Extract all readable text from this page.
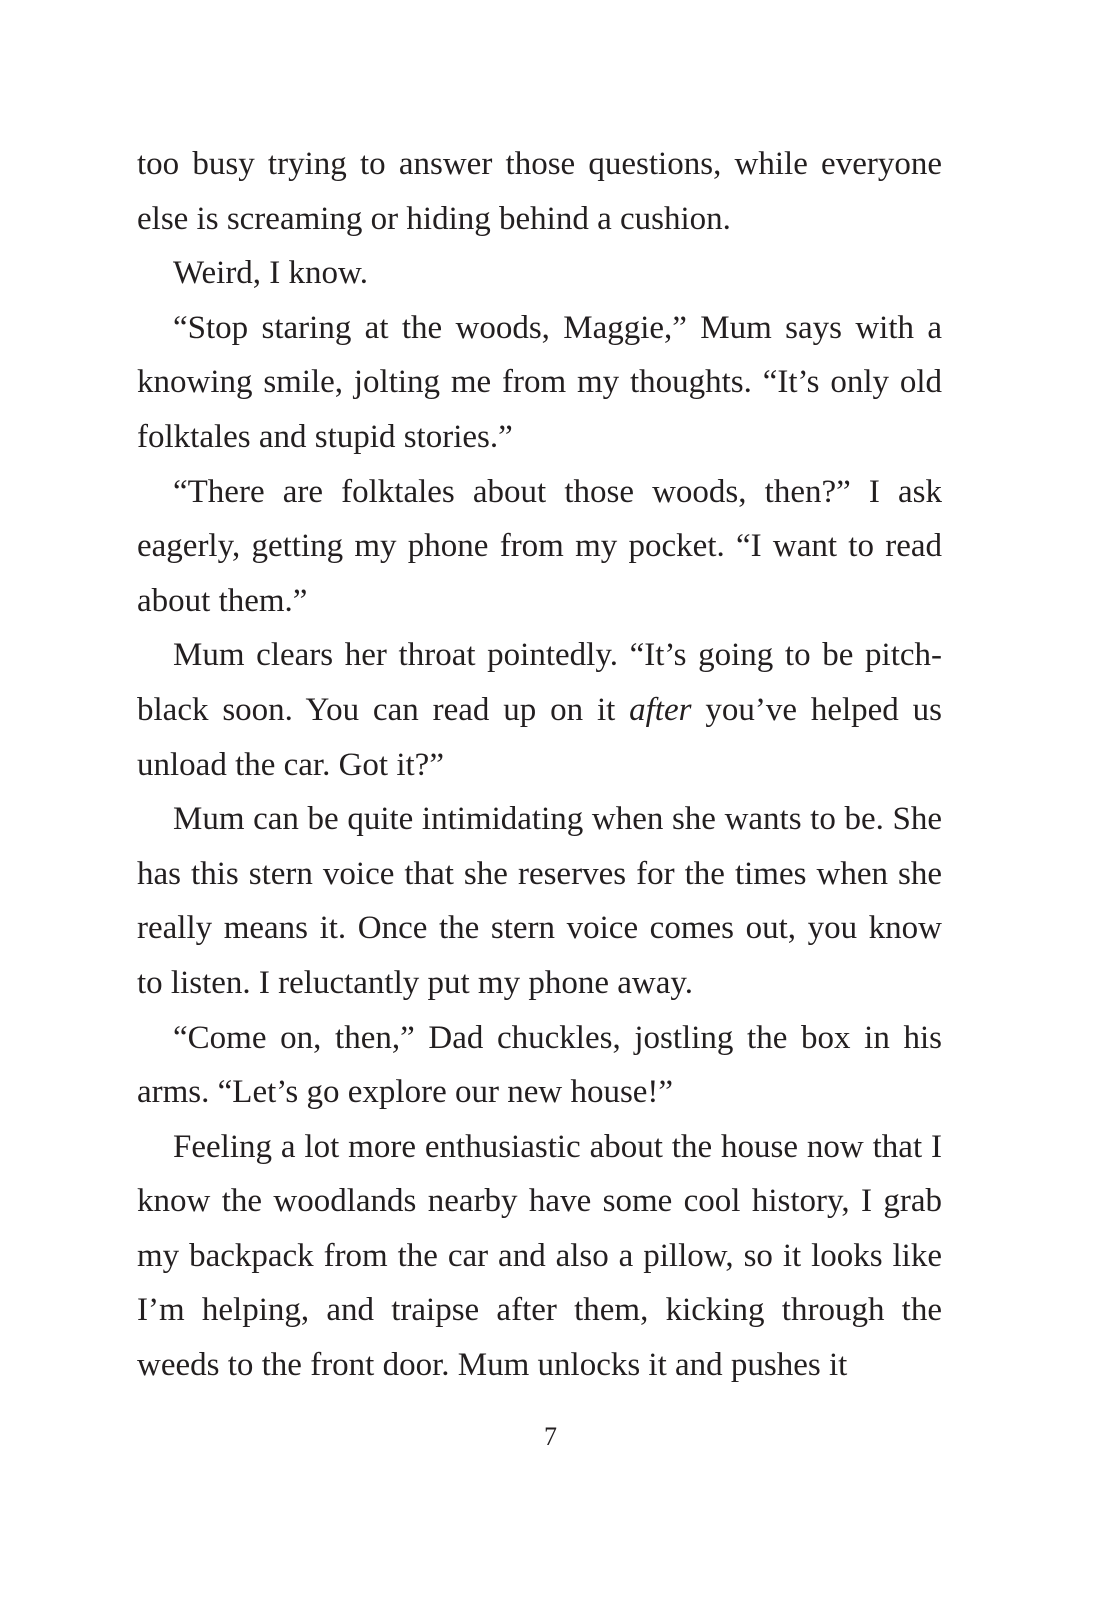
too busy trying to answer those questions, while everyone else is screaming or hiding behind a cushion.

Weird, I know.

“Stop staring at the woods, Maggie,” Mum says with a knowing smile, jolting me from my thoughts. “It’s only old folktales and stupid stories.”

“There are folktales about those woods, then?” I ask eagerly, getting my phone from my pocket. “I want to read about them.”

Mum clears her throat pointedly. “It’s going to be pitch-black soon. You can read up on it after you’ve helped us unload the car. Got it?”

Mum can be quite intimidating when she wants to be. She has this stern voice that she reserves for the times when she really means it. Once the stern voice comes out, you know to listen. I reluctantly put my phone away.

“Come on, then,” Dad chuckles, jostling the box in his arms. “Let’s go explore our new house!”

Feeling a lot more enthusiastic about the house now that I know the woodlands nearby have some cool history, I grab my backpack from the car and also a pillow, so it looks like I’m helping, and traipse after them, kicking through the weeds to the front door. Mum unlocks it and pushes it

7
